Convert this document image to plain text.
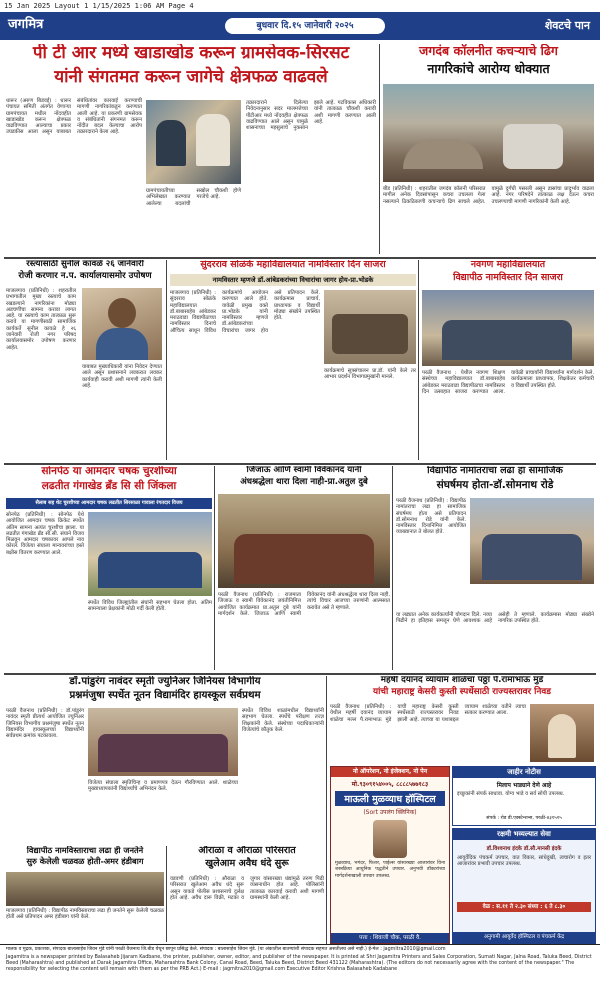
15 Jan 2025 Layout 1 1/15/2025 1:06 AM Page 4
जगमित्र	बुधवार दि.१५ जानेवारी २०२५	शेवटचे पान
पी टी आर मध्ये खाडाखोड करून ग्रामसेवक-सिरसट
यांनी संगतमत करून जागेचे क्षेत्रफळ वाढवले
धारूर (अरुण बिडवई) : धारूर पंचायत समिती अंतर्गत येणाऱ्या ग्रामपंचायत मधील नोंदवहीत खाडाखोड करून क्षेत्रफळ वाढविण्यात आल्याचा प्रकार उघडकीस आला असून याबाबत संबंधितांवर कारवाई करण्याची मागणी नागरिकांकडून करण्यात आली आहे. या प्रकरणी ग्रामसेवक व संबंधितांनी संगनमत करून नोंदीत बदल केल्याचा आरोप तक्रारदाराने केला आहे.
तक्रारदाराने दिलेल्या निवेदनानुसार सदर मालमत्तेच्या पीटीआर मध्ये नोंदवहीत क्षेत्रफळ वाढविण्यात आले असून यामुळे शासनाच्या महसुलाचे नुकसान झाले आहे. गटविकास अधिकारी यांनी तात्काळ चौकशी करावी अशी मागणी करण्यात आली आहे.
ग्रामपंचायतीच्या अभिलेखात करण्यात आलेल्या बदलांची सखोल चौकशी होणे गरजेचे आहे.
जगदंब कॉलनीत कचऱ्याचे ढिग
नागरिकांचे आरोग्य धोक्यात
बीड (प्रतिनिधी) : शहरातील जगदंब कॉलनी परिसरात मागील अनेक दिवसांपासून कचरा उचलला गेला नसल्याने ठिकठिकाणी कचऱ्याचे ढिग साचले आहेत. यामुळे दुर्गंधी पसरली असून डासांचा प्रादुर्भाव वाढला आहे. नगर परिषदेने तात्काळ लक्ष देऊन कचरा उचलण्याची मागणी नागरिकांनी केली आहे.
रस्त्यासाठी सुनील कावळे २६ जानेवारी
रोजी करणार न.प. कार्यालयासमोर उपोषण
माजलगाव (प्रतिनिधी) : शहरातील प्रभागातील मुख्य रस्त्याचे काम रखडल्याने नागरिकांना मोठ्या अडचणींचा सामना करावा लागत आहे. या रस्त्याचे काम तात्काळ सुरू करावे या मागणीसाठी सामाजिक कार्यकर्ते सुनील कावळे हे २६ जानेवारी रोजी नगर परिषद कार्यालयासमोर उपोषण करणार आहेत.
याबाबत मुख्याधिकारी यांना निवेदन देण्यात आले असून प्रशासनाने लवकरात लवकर कार्यवाही करावी अशी मागणी त्यांनी केली आहे.
सुंदरराव सोळंके महाविद्यालयात नामविस्तार दिन साजरा
नामविस्तार म्हणजे डॉ.आंबेडकरांच्या विचारांचा जागर होय-प्रा.भोडके
माजलगाव (प्रतिनिधी) : सुंदरराव सोळंके महाविद्यालयात डॉ.बाबासाहेब आंबेडकर मराठवाडा विद्यापीठाच्या नामविस्तार दिनाचे औचित्य साधून विविध कार्यक्रमांचे आयोजन करण्यात आले होते. यावेळी प्रमुख वक्ते प्रा.भोडके यांनी नामविस्तार म्हणजे डॉ.आंबेडकरांच्या विचारांचा जागर होय असे प्रतिपादन केले. कार्यक्रमास प्राचार्य, प्राध्यापक व विद्यार्थी मोठ्या संख्येने उपस्थित होते.
कार्यक्रमाचे सूत्रसंचालन प्रा.डॉ. यांनी केले तर आभार प्रदर्शन विभागप्रमुखांनी मानले.
नवगण महाविद्यालयात
विद्यापीठ नामविस्तार दिन साजरा
परळी वैजनाथ : येथील नवगण शिक्षण संस्थेच्या महाविद्यालयात डॉ.बाबासाहेब आंबेडकर मराठवाडा विद्यापीठाचा नामविस्तार दिन उत्साहात साजरा करण्यात आला. यावेळी प्राचार्यांनी विद्यार्थ्यांना मार्गदर्शन केले. कार्यक्रमाला प्राध्यापक, शिक्षकेतर कर्मचारी व विद्यार्थी उपस्थित होते.
सोनपेठ या आमदार चषक चुरशीच्या
लढतीत गंगाखेड ब्रँड सि सी जिंकला
सैलाब सह थेट चुरशीच्या आमदार चषक लढतीत सिरसाळा गावाला रंगतदार विजय
सोनपेठ (प्रतिनिधी) : सोनपेठ येथे आयोजित आमदार चषक क्रिकेट स्पर्धेत अंतिम सामना अत्यंत चुरशीचा झाला. या लढतीत गंगाखेड ब्रँड सी.सी. संघाने विजय मिळवून आमदार चषकावर आपले नाव कोरले. विजेत्या संघाला मान्यवरांच्या हस्ते बक्षीस वितरण करण्यात आले.
स्पर्धेत विविध जिल्ह्यांतील संघांनी सहभाग घेतला होता. अंतिम सामन्याला प्रेक्षकांनी मोठी गर्दी केली होती.
जिजाऊ आणि स्वामी विवेकानंद यांनी
अंधश्रद्धेला थारा दिला नाही-प्रा.अतुल दुबे
परळी वैजनाथ (प्रतिनिधी) : राजमाता जिजाऊ व स्वामी विवेकानंद जयंतीनिमित्त आयोजित कार्यक्रमात प्रा.अतुल दुबे यांनी मार्गदर्शन केले. जिजाऊ आणि स्वामी विवेकानंद यांनी अंधश्रद्धेला थारा दिला नाही, त्यांचे विचार आजच्या तरुणांनी आत्मसात करावेत असे ते म्हणाले.
विद्यापीठ नामांतराचा लढा हा सामाजिक
संघर्षमय होता-डॉ.सोमनाथ रोडे
परळी वैजनाथ (प्रतिनिधी) : विद्यापीठ नामांतराचा लढा हा सामाजिक संघर्षमय होता असे प्रतिपादन डॉ.सोमनाथ रोडे यांनी केले. नामविस्तार दिनानिमित्त आयोजित व्याख्यानात ते बोलत होते.
या लढ्यात अनेक कार्यकर्त्यांनी योगदान दिले. नव्या पिढीने हा इतिहास समजून घेणे आवश्यक आहे असेही ते म्हणाले. कार्यक्रमास मोठ्या संख्येने नागरिक उपस्थित होते.
डॉ.पांडुरंग नावंदर स्मृती ज्युनिअर जिनियस विभागीय
प्रश्नमंजुषा स्पर्धेत नूतन विद्यामंदिर हायस्कूल सर्वप्रथम
परळी वैजनाथ (प्रतिनिधी) : डॉ.पांडुरंग नावंदर स्मृती प्रीत्यर्थ आयोजित ज्युनिअर जिनियस विभागीय प्रश्नमंजुषा स्पर्धेत नूतन विद्यामंदिर हायस्कूलच्या विद्यार्थ्यांनी सर्वप्रथम क्रमांक पटकावला.
विजेत्या संघाला स्मृतिचिन्ह व प्रमाणपत्र देऊन गौरविण्यात आले. शाळेच्या मुख्याध्यापकांनी विद्यार्थ्यांचे अभिनंदन केले.
स्पर्धेत विविध शाळांमधील विद्यार्थ्यांनी सहभाग घेतला. स्पर्धेचे परीक्षण तज्ज्ञ शिक्षकांनी केले. संस्थेच्या पदाधिकाऱ्यांनी विजेत्यांचे कौतुक केले.
महर्षी दयानंद व्यायाम शाळेचा पठ्ठा पै.रामाभाऊ मुंडे
यांची महाराष्ट्र केसरी कुस्ती स्पर्धेसाठी राज्यस्तरावर निवड
परळी वैजनाथ (प्रतिनिधी) : येथील महर्षी दयानंद व्यायाम शाळेचा मल्ल पै.रामाभाऊ मुंडे याची महाराष्ट्र केसरी कुस्ती स्पर्धेसाठी राज्यस्तरावर निवड झाली आहे. त्याच्या या यशाबद्दल व्यायाम शाळेच्या वतीने त्याचा सत्कार करण्यात आला.
विद्यापीठ नामविस्ताराचा लढा ही जनतेने
सुरु केलेली चळवळ होती-अमर हंडीबाग
माजलगाव (प्रतिनिधी) : विद्यापीठ नामविस्ताराचा लढा ही जनतेने सुरू केलेली चळवळ होती असे प्रतिपादन अमर हंडीबाग यांनी केले.
औराळा व औराळा परिसरात
खुलेआम अवैध धंदे सुरू
वडवणी (प्रतिनिधी) : औराळा व परिसरात खुलेआम अवैध धंदे सुरू असून याकडे पोलीस प्रशासनाचे दुर्लक्ष होत आहे. अवैध दारू विक्री, मटका व जुगार यांसारख्या धंद्यांमुळे तरुण पिढी व्यसनाधीन होत आहे. पोलिसांनी तात्काळ कारवाई करावी अशी मागणी ग्रामस्थांनी केली आहे.
नो ऑपरेशन, नो इंजेक्शन, नो पेन
मो.९३०९१५४००५, ८८८८५७७१८३
माऊली मुळव्याध हॉस्पिटल
(Sort उपलंग क्लिनिक)
मुळव्याध, भगंदर, फिशर, पाईल्स यांसारख्या आजारांवर विना शस्त्रक्रिया आधुनिक पद्धतीने उपचार. अनुभवी डॉक्टरांच्या मार्गदर्शनाखाली उपचार उपलब्ध.
पत्ता : शिवाजी चौक, परळी वै.
जाहीर नोटीस
मिलाप भाड्याने देणे आहे
इच्छुकांनी संपर्क साधावा. योग्य भाडे व सर्व सोयी उपलब्ध.
संपर्क : रोड डी.एक्स्टेन्शन्स, परळी-४३१५१५
रक्षमी भव्यल्यात सेवा
डॉ.विश्वनाथ इंदके डॉ.सौ.मानसी इंदके
आयुर्वेदिक पंचकर्म उपचार, वात विकार, सांधेदुखी, त्वचारोग व इतर आजारांवर प्रभावी उपचार उपलब्ध.
वेळ : स.११ ते २.३० संध्या : ६ ते ८.३०
अनुगामी आयुर्वेद हॉस्पिटल व पंचकर्म केंद्र
मालक व मुद्रक, प्रकाशक, संपादक बालासाहेब जिवन मुंडे यांनी परळी वैजनाथ जि.बीड येथून छापून प्रसिद्ध केले. संपादक : बालासाहेब जिवन मुंडे. (या अंकातील बातम्यांशी संपादक सहमत असतीलच असे नाही.) ई-मेल : jagmitra2010@gmail.com
Jagamitra is a newspaper printed by Balasaheb Jijaram Kadbane, the printer, publisher, owner, editor, and publisher of the newspaper. It is printed at Shri Jagamitra Printers and Sales Corporation, Sumati Nagar, Jalna Road, Taluka Beed, District Beed (Maharashtra) and published at Darak Jagamitra Office, Maharashtra Bank Colony, Canal Road, Beed, Taluka Beed, District Beed 431122 (Maharashtra). (The editors do not necessarily agree with the content of the newspaper." The responsibility for selecting the content will remain with them as per the PRB Act.) E-mail : jagmitra2010@gmail.com Executive Editor Krishna Balasaheb Kadabane
